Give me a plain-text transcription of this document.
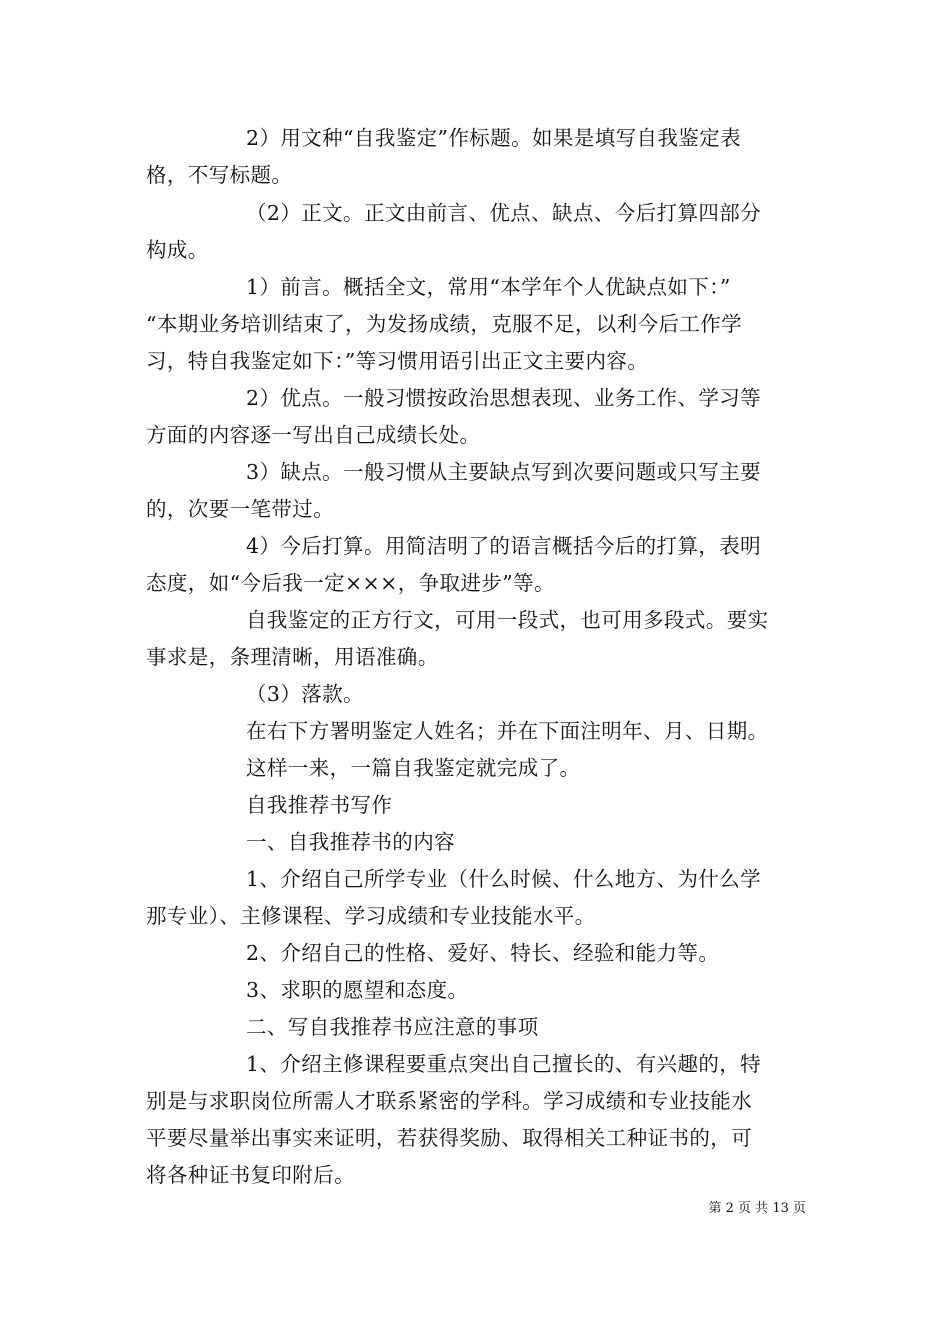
2）用文种“自我鉴定”作标题。如果是填写自我鉴定表
格，不写标题。
（2）正文。正文由前言、优点、缺点、今后打算四部分
构成。
1）前言。概括全文，常用“本学年个人优缺点如下：”
“本期业务培训结束了，为发扬成绩，克服不足，以利今后工作学
习，特自我鉴定如下：”等习惯用语引出正文主要内容。
2）优点。一般习惯按政治思想表现、业务工作、学习等
方面的内容逐一写出自己成绩长处。
3）缺点。一般习惯从主要缺点写到次要问题或只写主要
的，次要一笔带过。
4）今后打算。用简洁明了的语言概括今后的打算，表明
态度，如“今后我一定×××，争取进步”等。
自我鉴定的正方行文，可用一段式，也可用多段式。要实
事求是，条理清晰，用语准确。
（3）落款。
在右下方署明鉴定人姓名；并在下面注明年、月、日期。
这样一来，一篇自我鉴定就完成了。
自我推荐书写作
一、自我推荐书的内容
1、介绍自己所学专业（什么时候、什么地方、为什么学
那专业）、主修课程、学习成绩和专业技能水平。
2、介绍自己的性格、爱好、特长、经验和能力等。
3、求职的愿望和态度。
二、写自我推荐书应注意的事项
1、介绍主修课程要重点突出自己擅长的、有兴趣的，特
别是与求职岗位所需人才联系紧密的学科。学习成绩和专业技能水
平要尽量举出事实来证明，若获得奖励、取得相关工种证书的，可
将各种证书复印附后。
第 2 页 共 13 页
